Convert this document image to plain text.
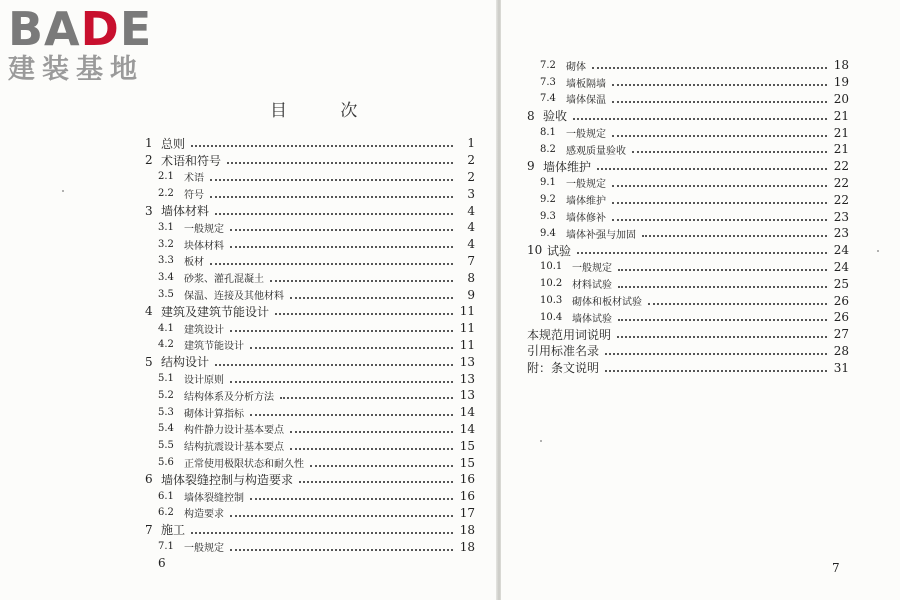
BADE
建装基地
目 次
6	7
1 总则	1
2 术语和符号	2
2.1	术语	2
2.2	符号	3
3 墙体材料	4
3.1	一般规定	4
3.2	块体材料	4
3.3	板材	7
3.4	砂浆、灌孔混凝土	8
3.5	保温、连接及其他材料	9
4 建筑及建筑节能设计	11
4.1	建筑设计	11
4.2	建筑节能设计	11
5 结构设计	13
5.1	设计原则	13
5.2	结构体系及分析方法	13
5.3	砌体计算指标	14
5.4	构件静力设计基本要点	14
5.5	结构抗震设计基本要点	15
5.6	正常使用极限状态和耐久性	15
6 墙体裂缝控制与构造要求	16
6.1	墙体裂缝控制	16
6.2	构造要求	17
7 施工	18
7.1	一般规定	18
7.2	砌体	18
7.3	墙板隔墙	19
7.4	墙体保温	20
8 验收	21
8.1	一般规定	21
8.2	感观质量验收	21
9 墙体维护	22
9.1	一般规定	22
9.2	墙体维护	22
9.3	墙体修补	23
9.4	墙体补强与加固	23
10 试验	24
10.1 一般规定	24
10.2 材料试验	25
10.3 砌体和板材试验	26
10.4 墙体试验	26
本规范用词说明	27
引用标准名录	28
附：条文说明	31
